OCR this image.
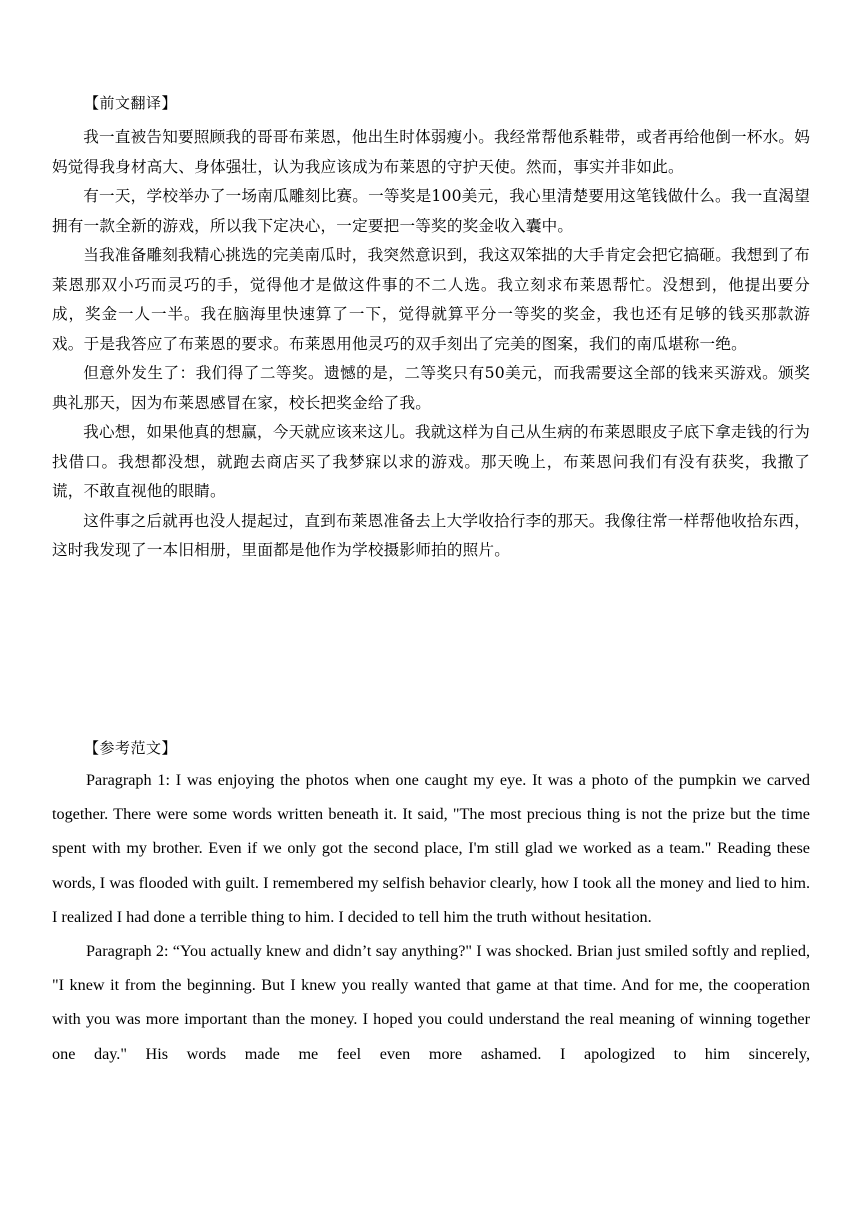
【前文翻译】

我一直被告知要照顾我的哥哥布莱恩，他出生时体弱瘦小。我经常帮他系鞋带，或者再给他倒一杯水。妈妈觉得我身材高大、身体强壮，认为我应该成为布莱恩的守护天使。然而，事实并非如此。

有一天，学校举办了一场南瓜雕刻比赛。一等奖是100美元，我心里清楚要用这笔钱做什么。我一直渴望拥有一款全新的游戏，所以我下定决心，一定要把一等奖的奖金收入囊中。

当我准备雕刻我精心挑选的完美南瓜时，我突然意识到，我这双笨拙的大手肯定会把它搞砸。我想到了布莱恩那双小巧而灵巧的手，觉得他才是做这件事的不二人选。我立刻求布莱恩帮忙。没想到，他提出要分成，奖金一人一半。我在脑海里快速算了一下，觉得就算平分一等奖的奖金，我也还有足够的钱买那款游戏。于是我答应了布莱恩的要求。布莱恩用他灵巧的双手刻出了完美的图案，我们的南瓜堪称一绝。

但意外发生了：我们得了二等奖。遗憾的是，二等奖只有50美元，而我需要这全部的钱来买游戏。颁奖典礼那天，因为布莱恩感冒在家，校长把奖金给了我。

我心想，如果他真的想赢，今天就应该来这儿。我就这样为自己从生病的布莱恩眼皮子底下拿走钱的行为找借口。我想都没想，就跑去商店买了我梦寐以求的游戏。那天晚上，布莱恩问我们有没有获奖，我撒了谎，不敢直视他的眼睛。

这件事之后就再也没人提起过，直到布莱恩准备去上大学收拾行李的那天。我像往常一样帮他收拾东西，这时我发现了一本旧相册，里面都是他作为学校摄影师拍的照片。

【参考范文】

Paragraph 1: I was enjoying the photos when one caught my eye. It was a photo of the pumpkin we carved together. There were some words written beneath it. It said, "The most precious thing is not the prize but the time spent with my brother. Even if we only got the second place, I'm still glad we worked as a team." Reading these words, I was flooded with guilt. I remembered my selfish behavior clearly, how I took all the money and lied to him. I realized I had done a terrible thing to him. I decided to tell him the truth without hesitation.

Paragraph 2: “You actually knew and didn’t say anything?" I was shocked. Brian just smiled softly and replied, "I knew it from the beginning. But I knew you really wanted that game at that time. And for me, the cooperation with you was more important than the money. I hoped you could understand the real meaning of winning together one day." His words made me feel even more ashamed. I apologized to him sincerely,
